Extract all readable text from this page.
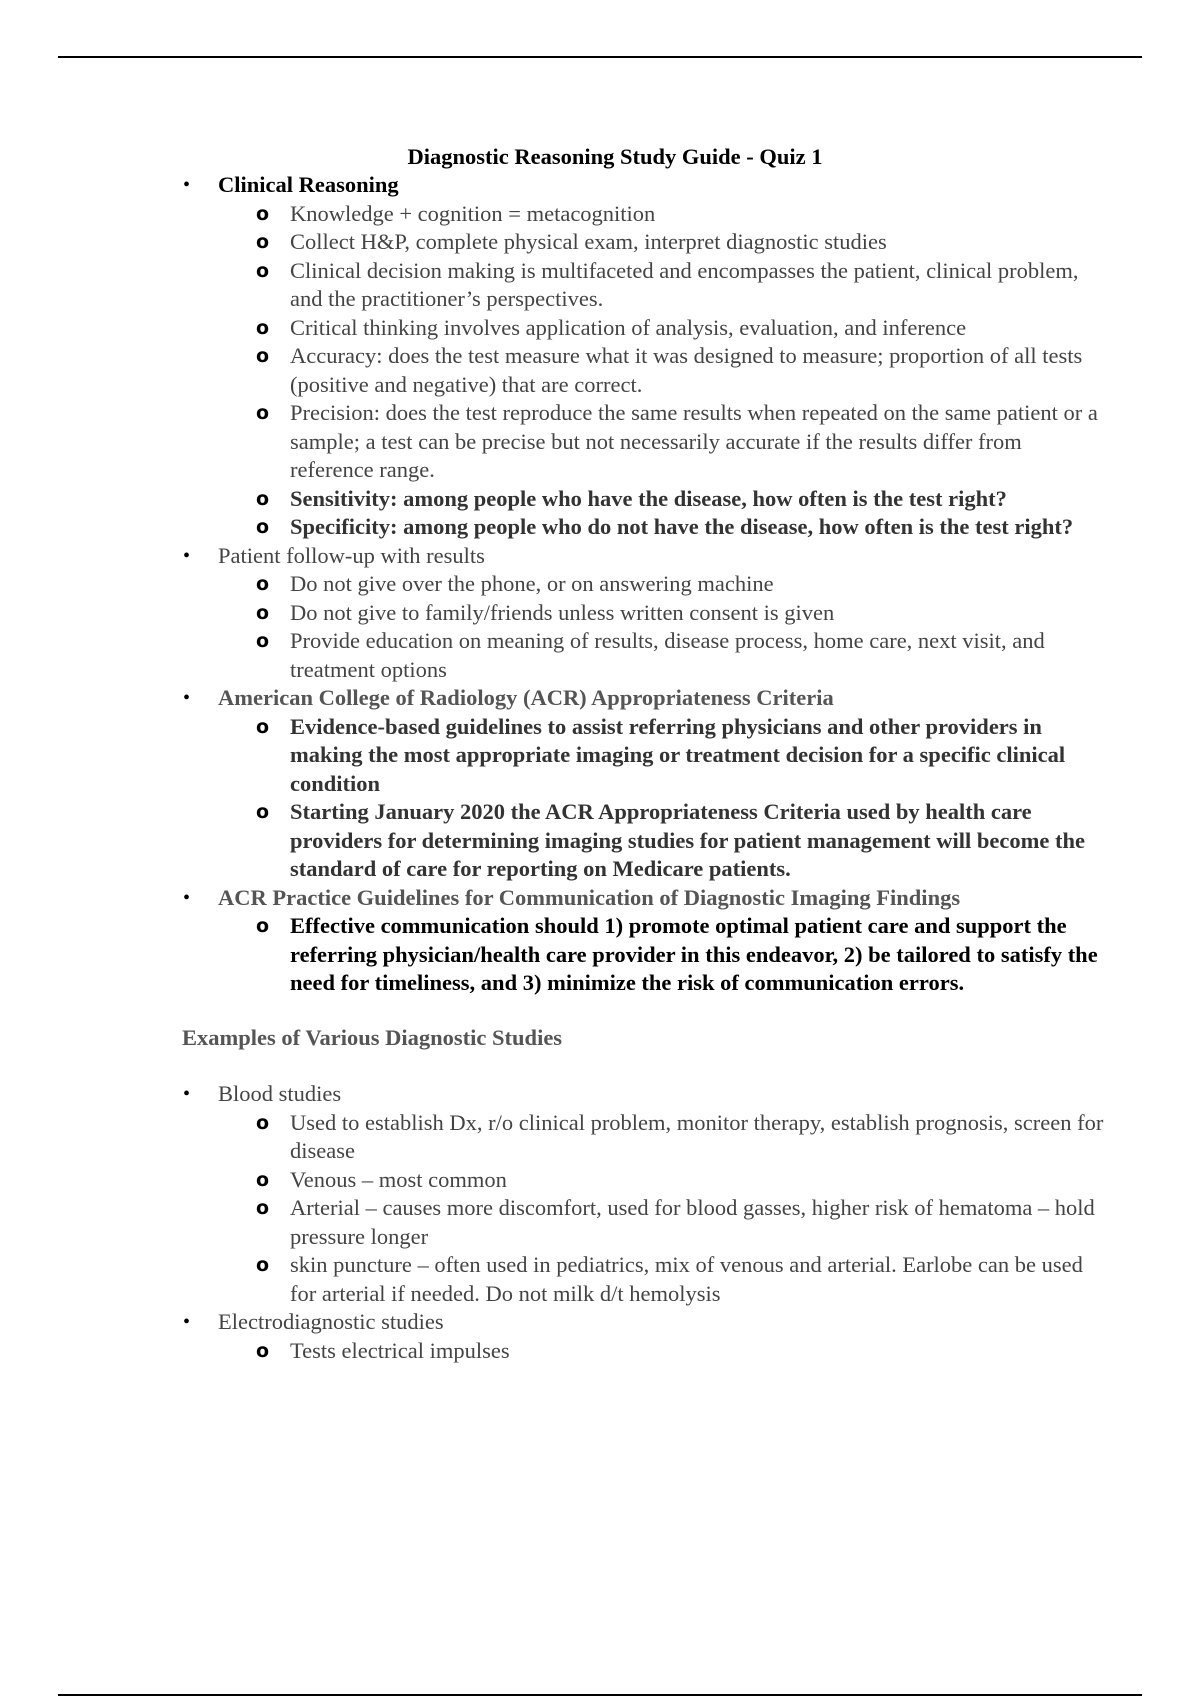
Diagnostic Reasoning Study Guide - Quiz 1
•	Clinical Reasoning
o Knowledge + cognition = metacognition
o Collect H&P, complete physical exam, interpret diagnostic studies
o Clinical decision making is multifaceted and encompasses the patient, clinical problem, and the practitioner’s perspectives.
o Critical thinking involves application of analysis, evaluation, and inference
o Accuracy: does the test measure what it was designed to measure; proportion of all tests (positive and negative) that are correct.
o Precision: does the test reproduce the same results when repeated on the same patient or a sample; a test can be precise but not necessarily accurate if the results differ from reference range.
o Sensitivity: among people who have the disease, how often is the test right?
o Specificity: among people who do not have the disease, how often is the test right?
•	Patient follow-up with results
o Do not give over the phone, or on answering machine
o Do not give to family/friends unless written consent is given
o Provide education on meaning of results, disease process, home care, next visit, and treatment options
•	American College of Radiology (ACR) Appropriateness Criteria
o Evidence-based guidelines to assist referring physicians and other providers in making the most appropriate imaging or treatment decision for a specific clinical condition
o Starting January 2020 the ACR Appropriateness Criteria used by health care providers for determining imaging studies for patient management will become the standard of care for reporting on Medicare patients.
•	ACR Practice Guidelines for Communication of Diagnostic Imaging Findings
o Effective communication should 1) promote optimal patient care and support the referring physician/health care provider in this endeavor, 2) be tailored to satisfy the need for timeliness, and 3) minimize the risk of communication errors.
Examples of Various Diagnostic Studies
•	Blood studies
o Used to establish Dx, r/o clinical problem, monitor therapy, establish prognosis, screen for disease
o Venous – most common
o Arterial – causes more discomfort, used for blood gasses, higher risk of hematoma – hold pressure longer
o skin puncture – often used in pediatrics, mix of venous and arterial. Earlobe can be used for arterial if needed. Do not milk d/t hemolysis
•	Electrodiagnostic studies
o Tests electrical impulses
